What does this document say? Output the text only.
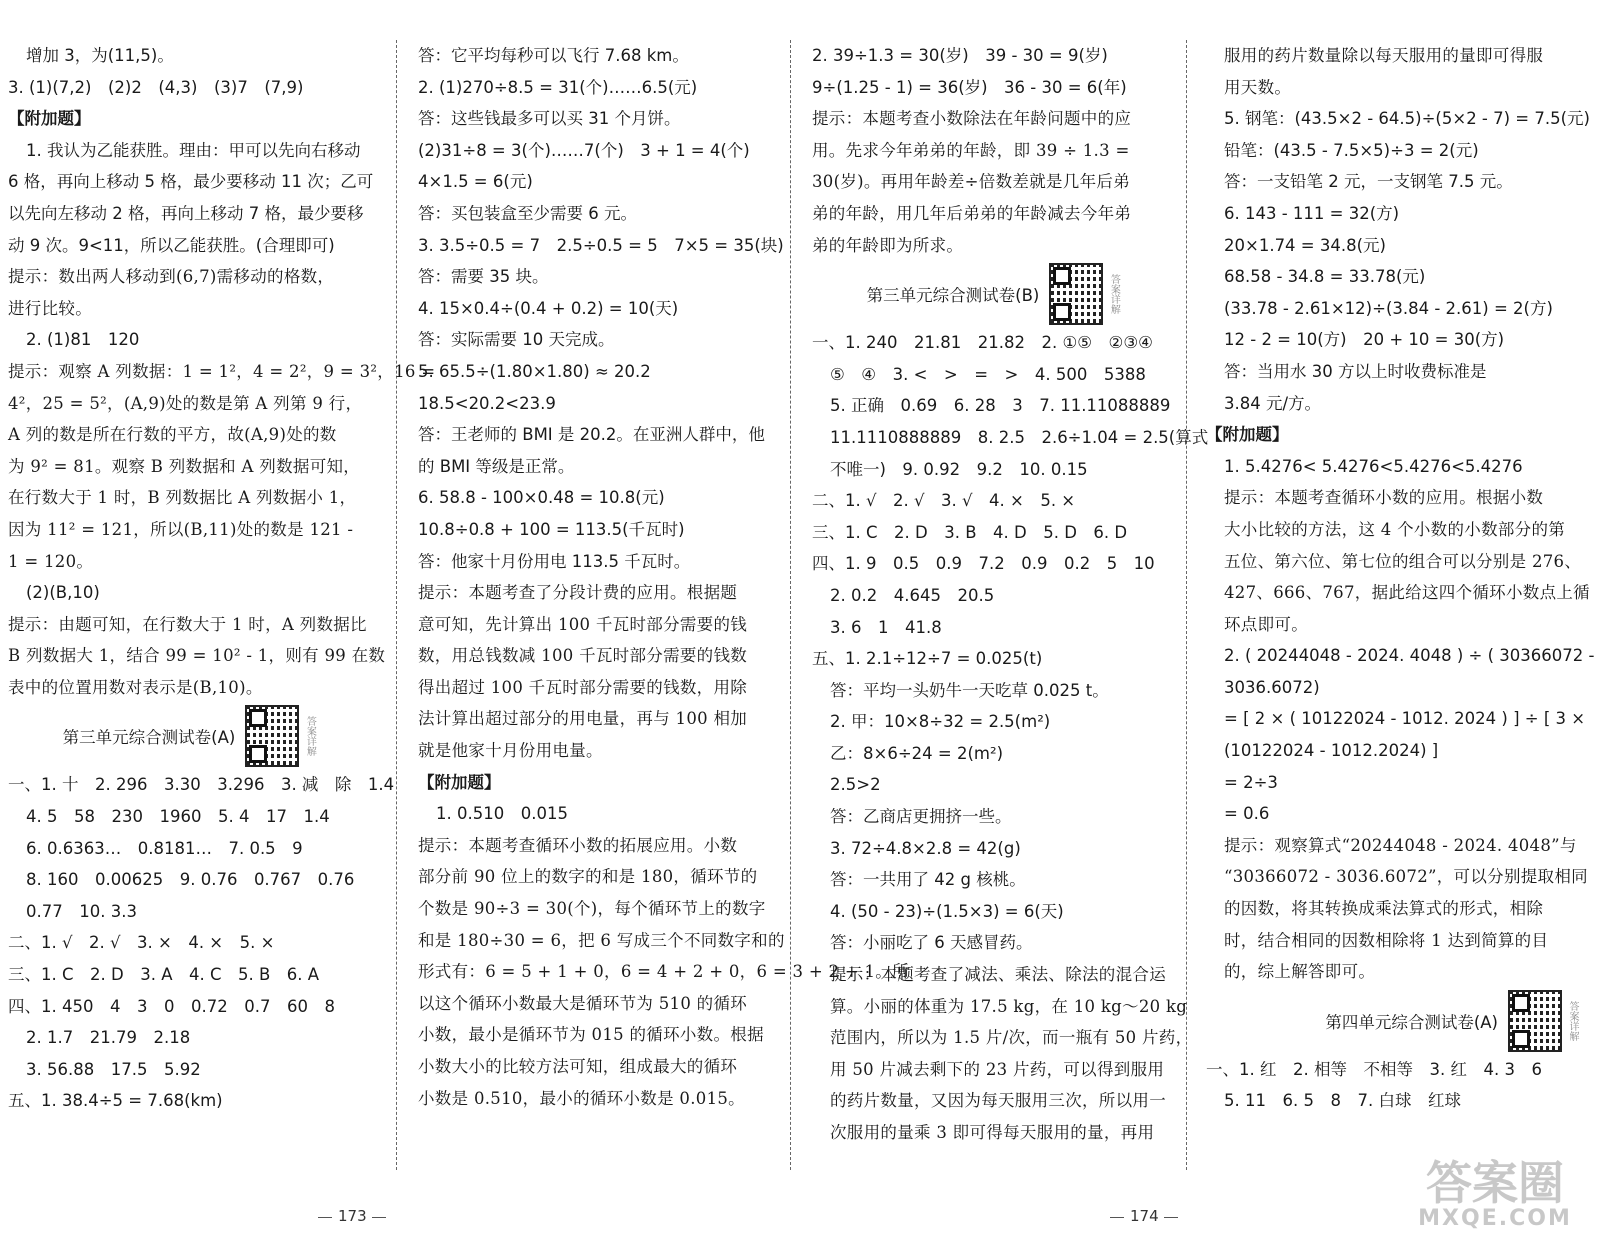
增加 3，为(11,5)。
3. (1)(7,2)　(2)2　(4,3)　(3)7　(7,9)
【附加题】
1. 我认为乙能获胜。理由：甲可以先向右移动
6 格，再向上移动 5 格，最少要移动 11 次；乙可
以先向左移动 2 格，再向上移动 7 格，最少要移
动 9 次。9<11，所以乙能获胜。(合理即可)
提示：数出两人移动到(6,7)需移动的格数，
进行比较。
2. (1)81　120
提示：观察 A 列数据：1 = 1²，4 = 2²，9 = 3²，16 =
4²，25 = 5²，(A,9)处的数是第 A 列第 9 行，
A 列的数是所在行数的平方，故(A,9)处的数
为 9² = 81。观察 B 列数据和 A 列数据可知，
在行数大于 1 时，B 列数据比 A 列数据小 1，
因为 11² = 121，所以(B,11)处的数是 121 -
1 = 120。
(2)(B,10)
提示：由题可知，在行数大于 1 时，A 列数据比
B 列数据大 1，结合 99 = 10² - 1，则有 99 在数
表中的位置用数对表示是(B,10)。
第三单元综合测试卷(A)	答案详解
一、1. 十　2. 296　3.30　3.296　3. 减　除　1.4
4. 5　58　230　1960　5. 4　17　1.4
6. 0.6363…　0.8181…　7. 0.5　9
8. 160　0.00625　9. 0.76　0.767　0.76
0.77　10. 3.3
二、1. √　2. √　3. ×　4. ×　5. ×
三、1. C　2. D　3. A　4. C　5. B　6. A
四、1. 450　4　3　0　0.72　0.7　60　8
2. 1.7　21.79　2.18
3. 56.88　17.5　5.92
五、1. 38.4÷5 = 7.68(km)
答：它平均每秒可以飞行 7.68 km。
2. (1)270÷8.5 = 31(个)……6.5(元)
答：这些钱最多可以买 31 个月饼。
(2)31÷8 = 3(个)……7(个)　3 + 1 = 4(个)
4×1.5 = 6(元)
答：买包装盒至少需要 6 元。
3. 3.5÷0.5 = 7　2.5÷0.5 = 5　7×5 = 35(块)
答：需要 35 块。
4. 15×0.4÷(0.4 + 0.2) = 10(天)
答：实际需要 10 天完成。
5. 65.5÷(1.80×1.80) ≈ 20.2
18.5<20.2<23.9
答：王老师的 BMI 是 20.2。在亚洲人群中，他
的 BMI 等级是正常。
6. 58.8 - 100×0.48 = 10.8(元)
10.8÷0.8 + 100 = 113.5(千瓦时)
答：他家十月份用电 113.5 千瓦时。
提示：本题考查了分段计费的应用。根据题
意可知，先计算出 100 千瓦时部分需要的钱
数，用总钱数减 100 千瓦时部分需要的钱数
得出超过 100 千瓦时部分需要的钱数，用除
法计算出超过部分的用电量，再与 100 相加
就是他家十月份用电量。
【附加题】
1. 0.510　0.015
提示：本题考查循环小数的拓展应用。小数
部分前 90 位上的数字的和是 180，循环节的
个数是 90÷3 = 30(个)，每个循环节上的数字
和是 180÷30 = 6，把 6 写成三个不同数字和的
形式有：6 = 5 + 1 + 0，6 = 4 + 2 + 0，6 = 3 + 2 + 1。所
以这个循环小数最大是循环节为 510 的循环
小数，最小是循环节为 015 的循环小数。根据
小数大小的比较方法可知，组成最大的循环
小数是 0.510，最小的循环小数是 0.015。
2. 39÷1.3 = 30(岁)　39 - 30 = 9(岁)
9÷(1.25 - 1) = 36(岁)　36 - 30 = 6(年)
提示：本题考查小数除法在年龄问题中的应
用。先求今年弟弟的年龄，即 39 ÷ 1.3 =
30(岁)。再用年龄差÷倍数差就是几年后弟
弟的年龄，用几年后弟弟的年龄减去今年弟
弟的年龄即为所求。
第三单元综合测试卷(B)	答案详解
一、1. 240　21.81　21.82　2. ①⑤　②③④
⑤　④　3. <　>　=　>　4. 500　5388
5. 正确　0.69　6. 28　3　7. 11.11088889
11.1110888889　8. 2.5　2.6÷1.04 = 2.5(算式
不唯一)　9. 0.92　9.2　10. 0.15
二、1. √　2. √　3. √　4. ×　5. ×
三、1. C　2. D　3. B　4. D　5. D　6. D
四、1. 9　0.5　0.9　7.2　0.9　0.2　5　10
2. 0.2　4.645　20.5
3. 6　1　41.8
五、1. 2.1÷12÷7 = 0.025(t)
答：平均一头奶牛一天吃草 0.025 t。
2. 甲：10×8÷32 = 2.5(m²)
乙：8×6÷24 = 2(m²)
2.5>2
答：乙商店更拥挤一些。
3. 72÷4.8×2.8 = 42(g)
答：一共用了 42 g 核桃。
4. (50 - 23)÷(1.5×3) = 6(天)
答：小丽吃了 6 天感冒药。
提示：本题考查了减法、乘法、除法的混合运
算。小丽的体重为 17.5 kg，在 10 kg～20 kg
范围内，所以为 1.5 片/次，而一瓶有 50 片药，
用 50 片减去剩下的 23 片药，可以得到服用
的药片数量，又因为每天服用三次，所以用一
次服用的量乘 3 即可得每天服用的量，再用
服用的药片数量除以每天服用的量即可得服
用天数。
5. 钢笔：(43.5×2 - 64.5)÷(5×2 - 7) = 7.5(元)
铅笔：(43.5 - 7.5×5)÷3 = 2(元)
答：一支铅笔 2 元，一支钢笔 7.5 元。
6. 143 - 111 = 32(方)
20×1.74 = 34.8(元)
68.58 - 34.8 = 33.78(元)
(33.78 - 2.61×12)÷(3.84 - 2.61) = 2(方)
12 - 2 = 10(方)　20 + 10 = 30(方)
答：当用水 30 方以上时收费标准是
3.84 元/方。
【附加题】
1. 5.4276< 5.4276<5.4276<5.4276
提示：本题考查循环小数的应用。根据小数
大小比较的方法，这 4 个小数的小数部分的第
五位、第六位、第七位的组合可以分别是 276、
427、666、767，据此给这四个循环小数点上循
环点即可。
2. ( 20244048 - 2024. 4048 ) ÷ ( 30366072 -
3036.6072)
= [ 2 × ( 10122024 - 1012. 2024 ) ] ÷ [ 3 ×
(10122024 - 1012.2024) ]
= 2÷3
= 0.6
提示：观察算式“20244048 - 2024. 4048”与
“30366072 - 3036.6072”，可以分别提取相同
的因数，将其转换成乘法算式的形式，相除
时，结合相同的因数相除将 1 达到简算的目
的，综上解答即可。
第四单元综合测试卷(A)	答案详解
一、1. 红　2. 相等　不相等　3. 红　4. 3　6
5. 11　6. 5　8　7. 白球　红球
173	174
答案圈
MXQE.COM
